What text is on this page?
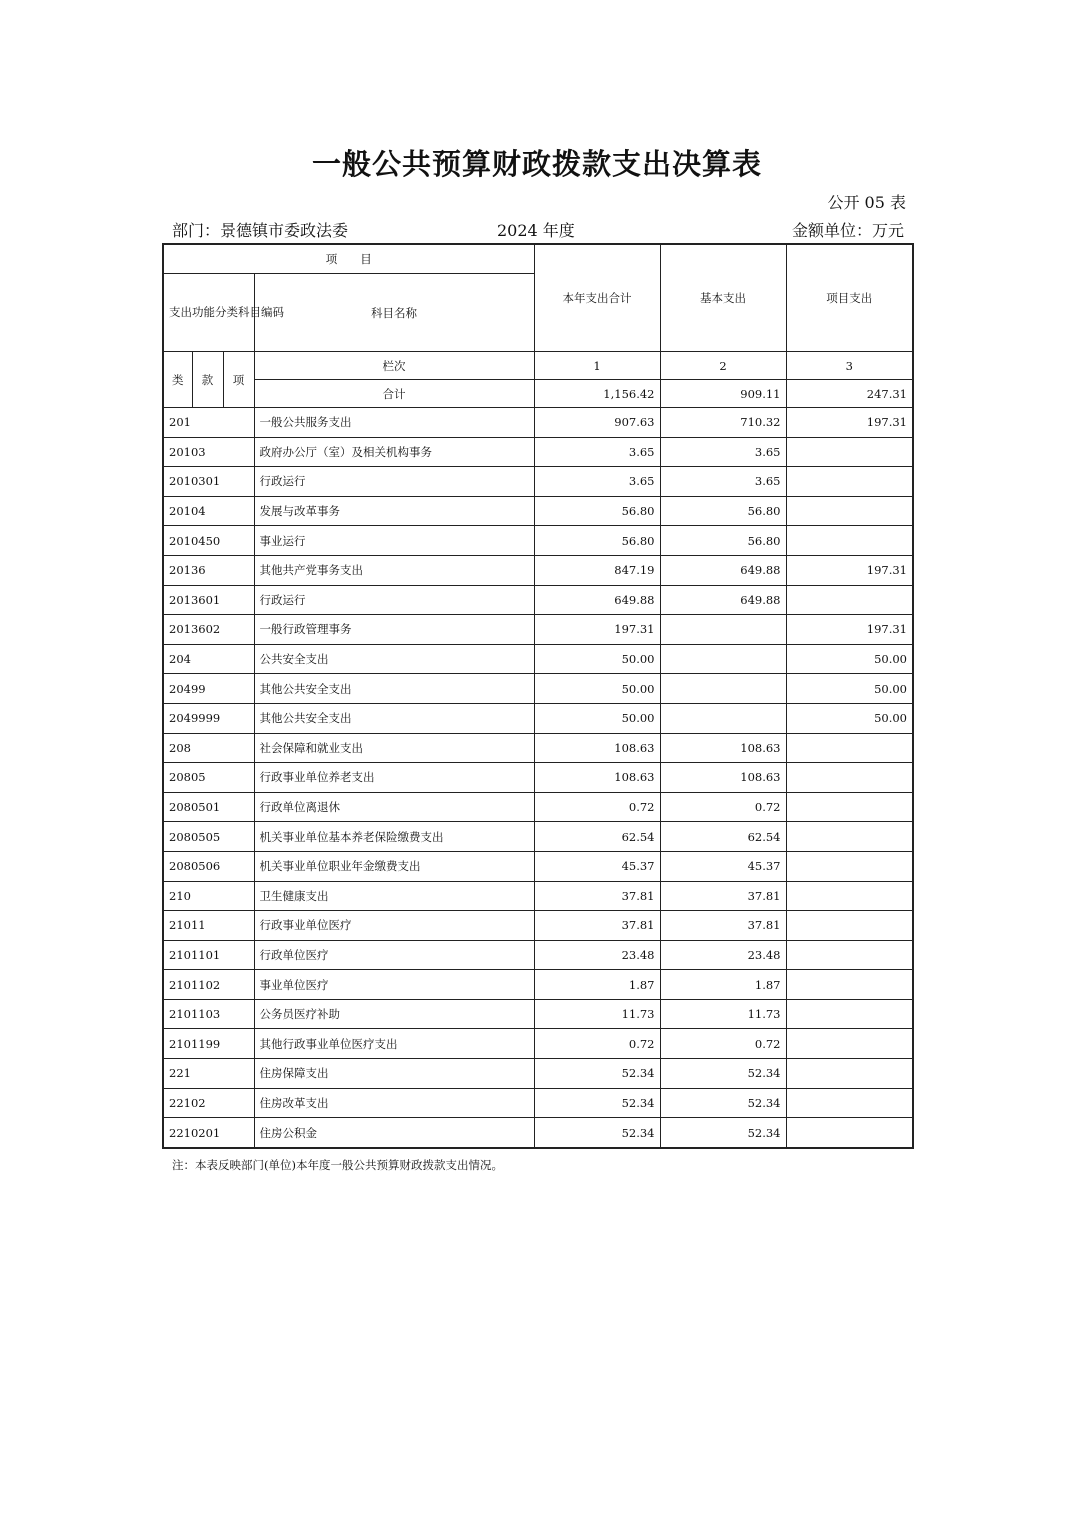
一般公共预算财政拨款支出决算表
公开 05 表
部门：景德镇市委政法委	2024 年度	金额单位：万元
项　　目				本年支出合计	基本支出	项目支出
支出功能分类科目编码			科目名称			
类	款	项	栏次	1	2	3
			合计	1,156.42	909.11	247.31
201			一般公共服务支出	907.63	710.32	197.31
20103			政府办公厅（室）及相关机构事务	3.65	3.65	
2010301			行政运行	3.65	3.65	
20104			发展与改革事务	56.80	56.80	
2010450			事业运行	56.80	56.80	
20136			其他共产党事务支出	847.19	649.88	197.31
2013601			行政运行	649.88	649.88	
2013602			一般行政管理事务	197.31		197.31
204			公共安全支出	50.00		50.00
20499			其他公共安全支出	50.00		50.00
2049999			其他公共安全支出	50.00		50.00
208			社会保障和就业支出	108.63	108.63	
20805			行政事业单位养老支出	108.63	108.63	
2080501			行政单位离退休	0.72	0.72	
2080505			机关事业单位基本养老保险缴费支出	62.54	62.54	
2080506			机关事业单位职业年金缴费支出	45.37	45.37	
210			卫生健康支出	37.81	37.81	
21011			行政事业单位医疗	37.81	37.81	
2101101			行政单位医疗	23.48	23.48	
2101102			事业单位医疗	1.87	1.87	
2101103			公务员医疗补助	11.73	11.73	
2101199			其他行政事业单位医疗支出	0.72	0.72	
221			住房保障支出	52.34	52.34	
22102			住房改革支出	52.34	52.34	
2210201			住房公积金	52.34	52.34	
注：本表反映部门(单位)本年度一般公共预算财政拨款支出情况。
